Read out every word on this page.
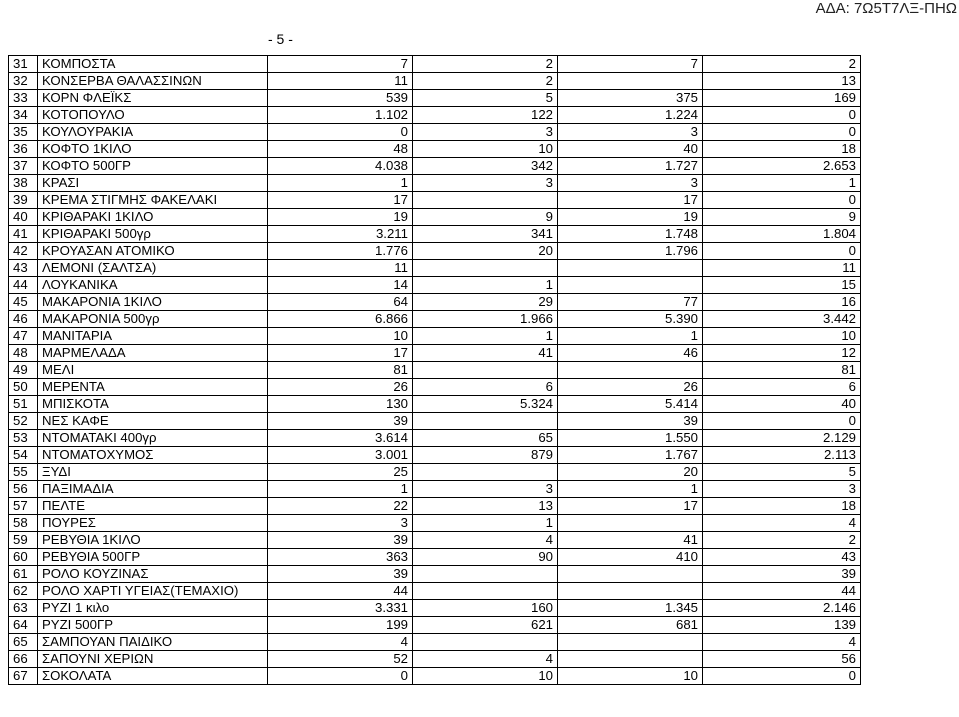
ΑΔΑ: 7Ω5Τ7ΛΞ-ΠΗΩ
- 5 -
31	ΚΟΜΠΟΣΤΑ	7	2	7	2
32	ΚΟΝΣΕΡΒΑ ΘΑΛΑΣΣΙΝΩΝ	11	2		13
33	ΚΟΡΝ ΦΛΕΪΚΣ	539	5	375	169
34	ΚΟΤΟΠΟΥΛΟ	1.102	122	1.224	0
35	ΚΟΥΛΟΥΡΑΚΙΑ	0	3	3	0
36	ΚΟΦΤΟ 1ΚΙΛΟ	48	10	40	18
37	ΚΟΦΤΟ 500ΓΡ	4.038	342	1.727	2.653
38	ΚΡΑΣΙ	1	3	3	1
39	ΚΡΕΜΑ ΣΤΙΓΜΗΣ ΦΑΚΕΛΑΚΙ	17		17	0
40	ΚΡΙΘΑΡΑΚΙ 1ΚΙΛΟ	19	9	19	9
41	ΚΡΙΘΑΡΑΚΙ 500γρ	3.211	341	1.748	1.804
42	ΚΡΟΥΑΣΑΝ ΑΤΟΜΙΚΟ	1.776	20	1.796	0
43	ΛΕΜΟΝΙ (ΣΑΛΤΣΑ)	11			11
44	ΛΟΥΚΑΝΙΚΑ	14	1		15
45	ΜΑΚΑΡΟΝΙΑ 1ΚΙΛΟ	64	29	77	16
46	ΜΑΚΑΡΟΝΙΑ 500γρ	6.866	1.966	5.390	3.442
47	ΜΑΝΙΤΑΡΙΑ	10	1	1	10
48	ΜΑΡΜΕΛΑΔΑ	17	41	46	12
49	ΜΕΛΙ	81			81
50	ΜΕΡΕΝΤΑ	26	6	26	6
51	ΜΠΙΣΚΟΤΑ	130	5.324	5.414	40
52	ΝΕΣ ΚΑΦΕ	39		39	0
53	ΝΤΟΜΑΤΑΚΙ 400γρ	3.614	65	1.550	2.129
54	ΝΤΟΜΑΤΟΧΥΜΟΣ	3.001	879	1.767	2.113
55	ΞΥΔΙ	25		20	5
56	ΠΑΞΙΜΑΔΙΑ	1	3	1	3
57	ΠΕΛΤΕ	22	13	17	18
58	ΠΟΥΡΕΣ	3	1		4
59	ΡΕΒΥΘΙΑ 1ΚΙΛΟ	39	4	41	2
60	ΡΕΒΥΘΙΑ 500ΓΡ	363	90	410	43
61	ΡΟΛΟ ΚΟΥΖΙΝΑΣ	39			39
62	ΡΟΛΟ ΧΑΡΤΙ ΥΓΕΙΑΣ(ΤΕΜΑΧΙΟ)	44			44
63	ΡΥΖΙ 1 κιλο	3.331	160	1.345	2.146
64	ΡΥΖΙ 500ΓΡ	199	621	681	139
65	ΣΑΜΠΟΥΑΝ ΠΑΙΔΙΚΟ	4			4
66	ΣΑΠΟΥΝΙ ΧΕΡΙΩΝ	52	4		56
67	ΣΟΚΟΛΑΤΑ	0	10	10	0
